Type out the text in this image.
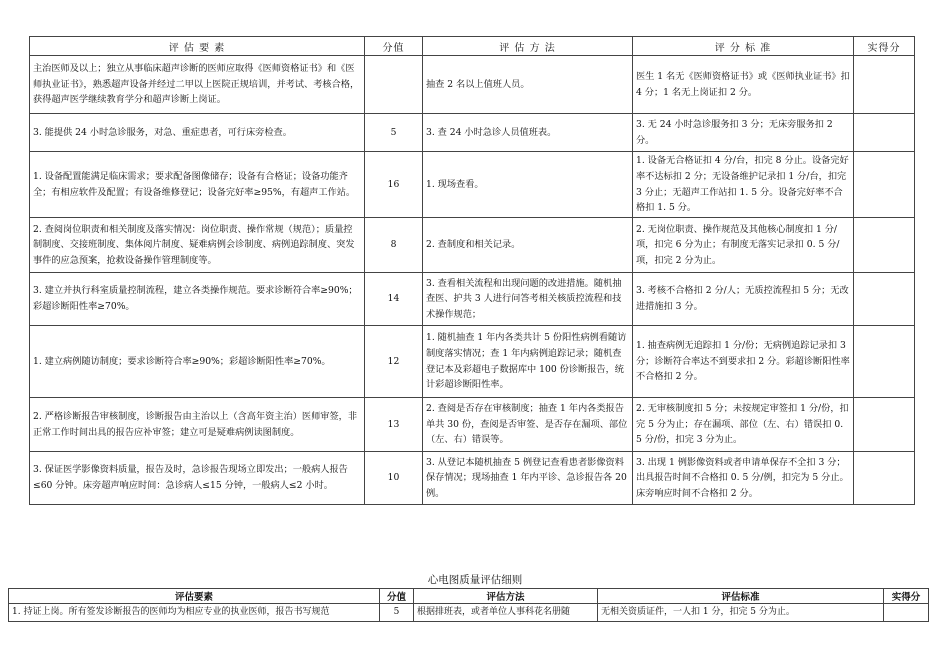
评 估 要 素	分值	评 估 方 法	评 分 标 准	实得分
主治医师及以上；独立从事临床超声诊断的医师应取得《医师资格证书》和《医师执业证书》，熟悉超声设备并经过二甲以上医院正规培训，并考试、考核合格，获得超声医学继续教育学分和超声诊断上岗证。		抽查 2 名以上值班人员。	医生 1 名无《医师资格证书》或《医师执业证书》扣 4 分；1 名无上岗证扣 2 分。	
3. 能提供 24 小时急诊服务，对急、重症患者，可行床旁检查。	5	3. 查 24 小时急诊人员值班表。	3. 无 24 小时急诊服务扣 3 分；无床旁服务扣 2 分。	
1. 设备配置能满足临床需求；要求配备图像储存；设备有合格证；设备功能齐全；有相应软件及配置；有设备维修登记；设备完好率≥95%，有超声工作站。	16	1. 现场查看。	1. 设备无合格证扣 4 分/台，扣完 8 分止。设备完好率不达标扣 2 分；无设备维护记录扣 1 分/台，扣完 3 分止；无超声工作站扣 1. 5 分。设备完好率不合格扣 1. 5 分。	
2. 查阅岗位职责和相关制度及落实情况：岗位职责、操作常规（规范）；质量控制制度、交接班制度、集体阅片制度、疑难病例会诊制度、病例追踪制度、突发事件的应急预案，抢救设备操作管理制度等。	8	2. 查制度和相关记录。	2. 无岗位职责、操作规范及其他核心制度扣 1 分/项，扣完 6 分为止；有制度无落实记录扣 0. 5 分/项，扣完 2 分为止。	
3. 建立并执行科室质量控制流程，建立各类操作规范。要求诊断符合率≥90%；彩超诊断阳性率≥70%。	14	3. 查看相关流程和出现问题的改进措施。随机抽查医、护共 3 人进行问答考相关核质控流程和技术操作规范；	3. 考核不合格扣 2 分/人；无质控流程扣 5 分；无改进措施扣 3 分。	
1. 建立病例随访制度；要求诊断符合率≥90%；彩超诊断阳性率≥70%。	12	1. 随机抽查 1 年内各类共计 5 份阳性病例看随访制度落实情况；查 1 年内病例追踪记录；随机查登记本及彩超电子数据库中 100 份诊断报告，统计彩超诊断阳性率。	1. 抽查病例无追踪扣 1 分/份；无病例追踪记录扣 3 分；诊断符合率达不到要求扣 2 分。彩超诊断阳性率不合格扣 2 分。	
2. 严格诊断报告审核制度，诊断报告由主治以上（含高年资主治）医师审签，非正常工作时间出具的报告应补审签；建立可是疑难病例读图制度。	13	2. 查阅是否存在审核制度；抽查 1 年内各类报告单共 30 份，查阅是否审签、是否存在漏项、部位（左、右）错误等。	2. 无审核制度扣 5 分；未按规定审签扣 1 分/份，扣完 5 分为止；存在漏项、部位（左、右）错误扣 0. 5 分/份，扣完 3 分为止。	
3. 保证医学影像资料质量，报告及时，急诊报告现场立即发出；一般病人报告≤60 分钟。床旁超声响应时间：急诊病人≤15 分钟，一般病人≤2 小时。	10	3. 从登记本随机抽查 5 例登记查看患者影像资料保存情况；现场抽查 1 年内平诊、急诊报告各 20 例。	3. 出现 1 例影像资料或者申请单保存不全扣 3 分；出具报告时间不合格扣 0. 5 分/例，扣完为 5 分止。床旁响应时间不合格扣 2 分。	
心电图质量评估细则
评估要素	分值	评估方法	评估标准	实得分
1. 持证上岗。所有签发诊断报告的医师均为相应专业的执业医师，报告书写规范	5	根据排班表，或者单位人事科花名册随	无相关资质证件，一人扣 1 分，扣完 5 分为止。	
